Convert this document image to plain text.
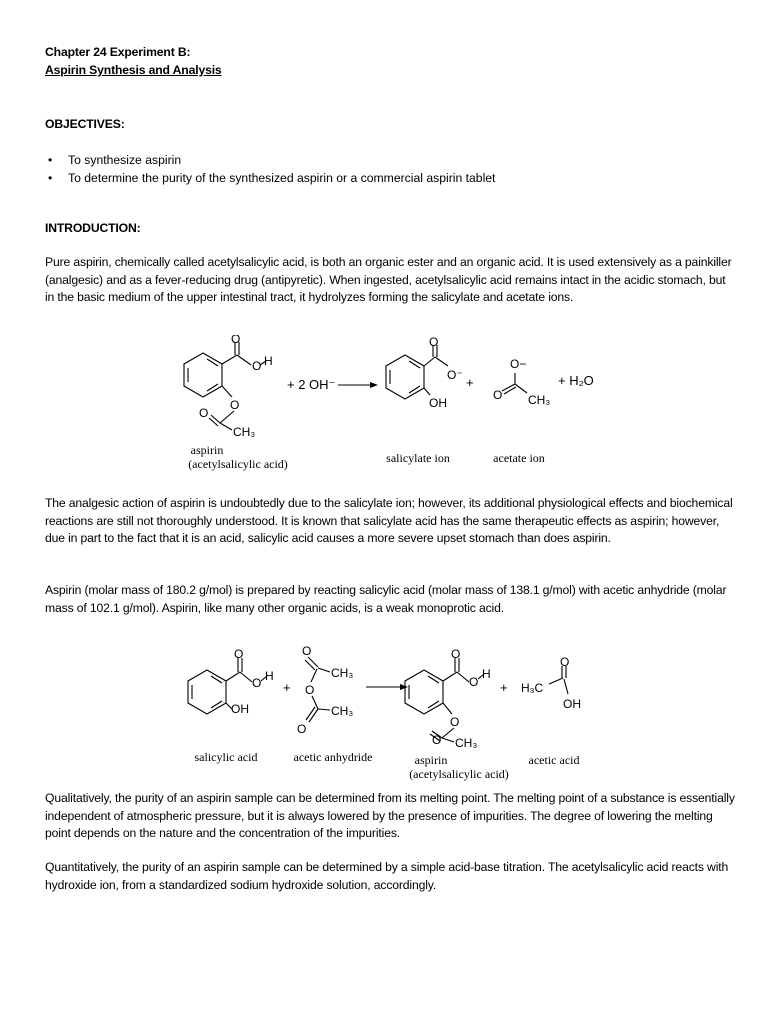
Chapter 24 Experiment B:
Aspirin Synthesis and Analysis
OBJECTIVES:
• To synthesize aspirin
• To determine the purity of the synthesized aspirin or a commercial aspirin tablet
INTRODUCTION:

Pure aspirin, chemically called acetylsalicylic acid, is both an organic ester and an organic acid. It is used extensively as a painkiller (analgesic) and as a fever-reducing drug (antipyretic). When ingested, acetylsalicylic acid remains intact in the acidic stomach, but in the basic medium of the upper intestinal tract, it hydrolyzes forming the salicylate and acetate ions.

O
O H
O
O
CH₃
aspirin
(acetylsalicylic acid)
+ 2 OH⁻
O
O⁻
OH
salicylate ion
+
O−
O CH₃
acetate ion
+ H₂O

The analgesic action of aspirin is undoubtedly due to the salicylate ion; however, its additional physiological effects and biochemical reactions are still not thoroughly understood. It is known that salicylate acid has the same therapeutic effects as aspirin; however, due in part to the fact that it is an acid, salicylic acid causes a more severe upset stomach than does aspirin.

Aspirin (molar mass of 180.2 g/mol) is prepared by reacting salicylic acid (molar mass of 138.1 g/mol) with acetic anhydride (molar mass of 102.1 g/mol). Aspirin, like many other organic acids, is a weak monoprotic acid.

O
O H
OH
salicylic acid
+
O
CH₃
O
CH₃
O
acetic anhydride
O
O
H
O
O CH₃
aspirin
(acetylsalicylic acid)
+ H₃C
O
OH
acetic acid

Qualitatively, the purity of an aspirin sample can be determined from its melting point. The melting point of a substance is essentially independent of atmospheric pressure, but it is always lowered by the presence of impurities. The degree of lowering the melting point depends on the nature and the concentration of the impurities.

Quantitatively, the purity of an aspirin sample can be determined by a simple acid-base titration. The acetylsalicylic acid reacts with hydroxide ion, from a standardized sodium hydroxide solution, accordingly.
